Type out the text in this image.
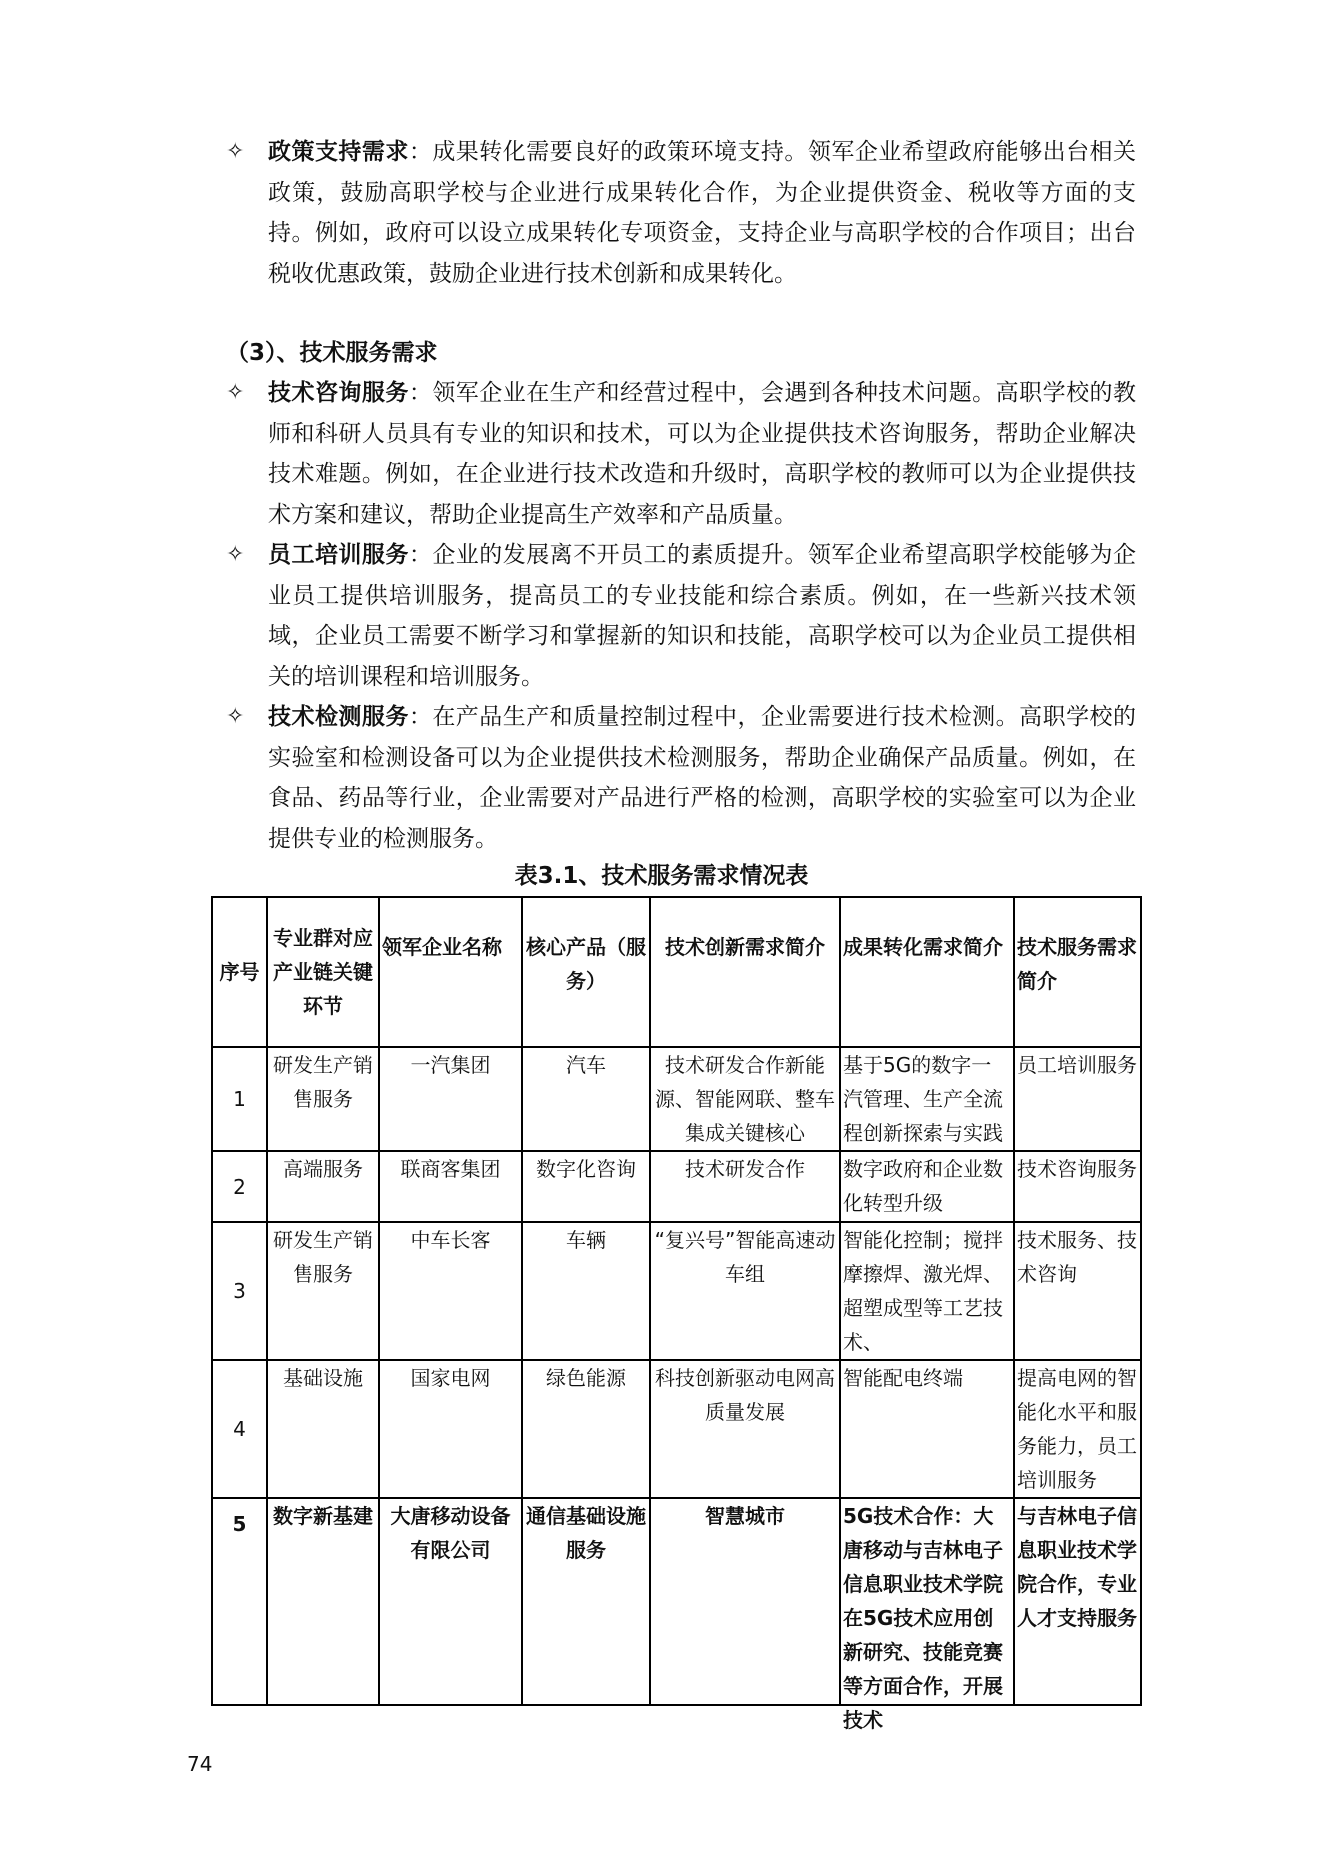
✧ 政策支持需求：成果转化需要良好的政策环境支持。领军企业希望政府能够出台相关政策，鼓励高职学校与企业进行成果转化合作，为企业提供资金、税收等方面的支持。例如，政府可以设立成果转化专项资金，支持企业与高职学校的合作项目；出台税收优惠政策，鼓励企业进行技术创新和成果转化。
（3）、技术服务需求
✧ 技术咨询服务：领军企业在生产和经营过程中，会遇到各种技术问题。高职学校的教师和科研人员具有专业的知识和技术，可以为企业提供技术咨询服务，帮助企业解决技术难题。例如，在企业进行技术改造和升级时，高职学校的教师可以为企业提供技术方案和建议，帮助企业提高生产效率和产品质量。
✧ 员工培训服务：企业的发展离不开员工的素质提升。领军企业希望高职学校能够为企业员工提供培训服务，提高员工的专业技能和综合素质。例如，在一些新兴技术领域，企业员工需要不断学习和掌握新的知识和技能，高职学校可以为企业员工提供相关的培训课程和培训服务。
✧ 技术检测服务：在产品生产和质量控制过程中，企业需要进行技术检测。高职学校的实验室和检测设备可以为企业提供技术检测服务，帮助企业确保产品质量。例如，在食品、药品等行业，企业需要对产品进行严格的检测，高职学校的实验室可以为企业提供专业的检测服务。
表3.1、技术服务需求情况表
序号	专业群对应产业链关键环节	领军企业名称	核心产品（服务）	技术创新需求简介	成果转化需求简介	技术服务需求简介
1	研发生产销售服务	一汽集团	汽车	技术研发合作新能源、智能网联、整车集成关键核心	基于5G的数字一汽管理、生产全流程创新探索与实践	员工培训服务
2	高端服务	联商客集团	数字化咨询	技术研发合作	数字政府和企业数化转型升级	技术咨询服务
3	研发生产销售服务	中车长客	车辆	“复兴号”智能高速动车组	智能化控制；搅拌摩擦焊、激光焊、超塑成型等工艺技术、	技术服务、技术咨询
4	基础设施	国家电网	绿色能源	科技创新驱动电网高质量发展	智能配电终端	提高电网的智能化水平和服务能力，员工培训服务
5	数字新基建	大唐移动设备有限公司	通信基础设施服务	智慧城市	5G技术合作：大唐移动与吉林电子信息职业技术学院在5G技术应用创新研究、技能竞赛等方面合作，开展技术	与吉林电子信息职业技术学院合作，专业人才支持服务
74
